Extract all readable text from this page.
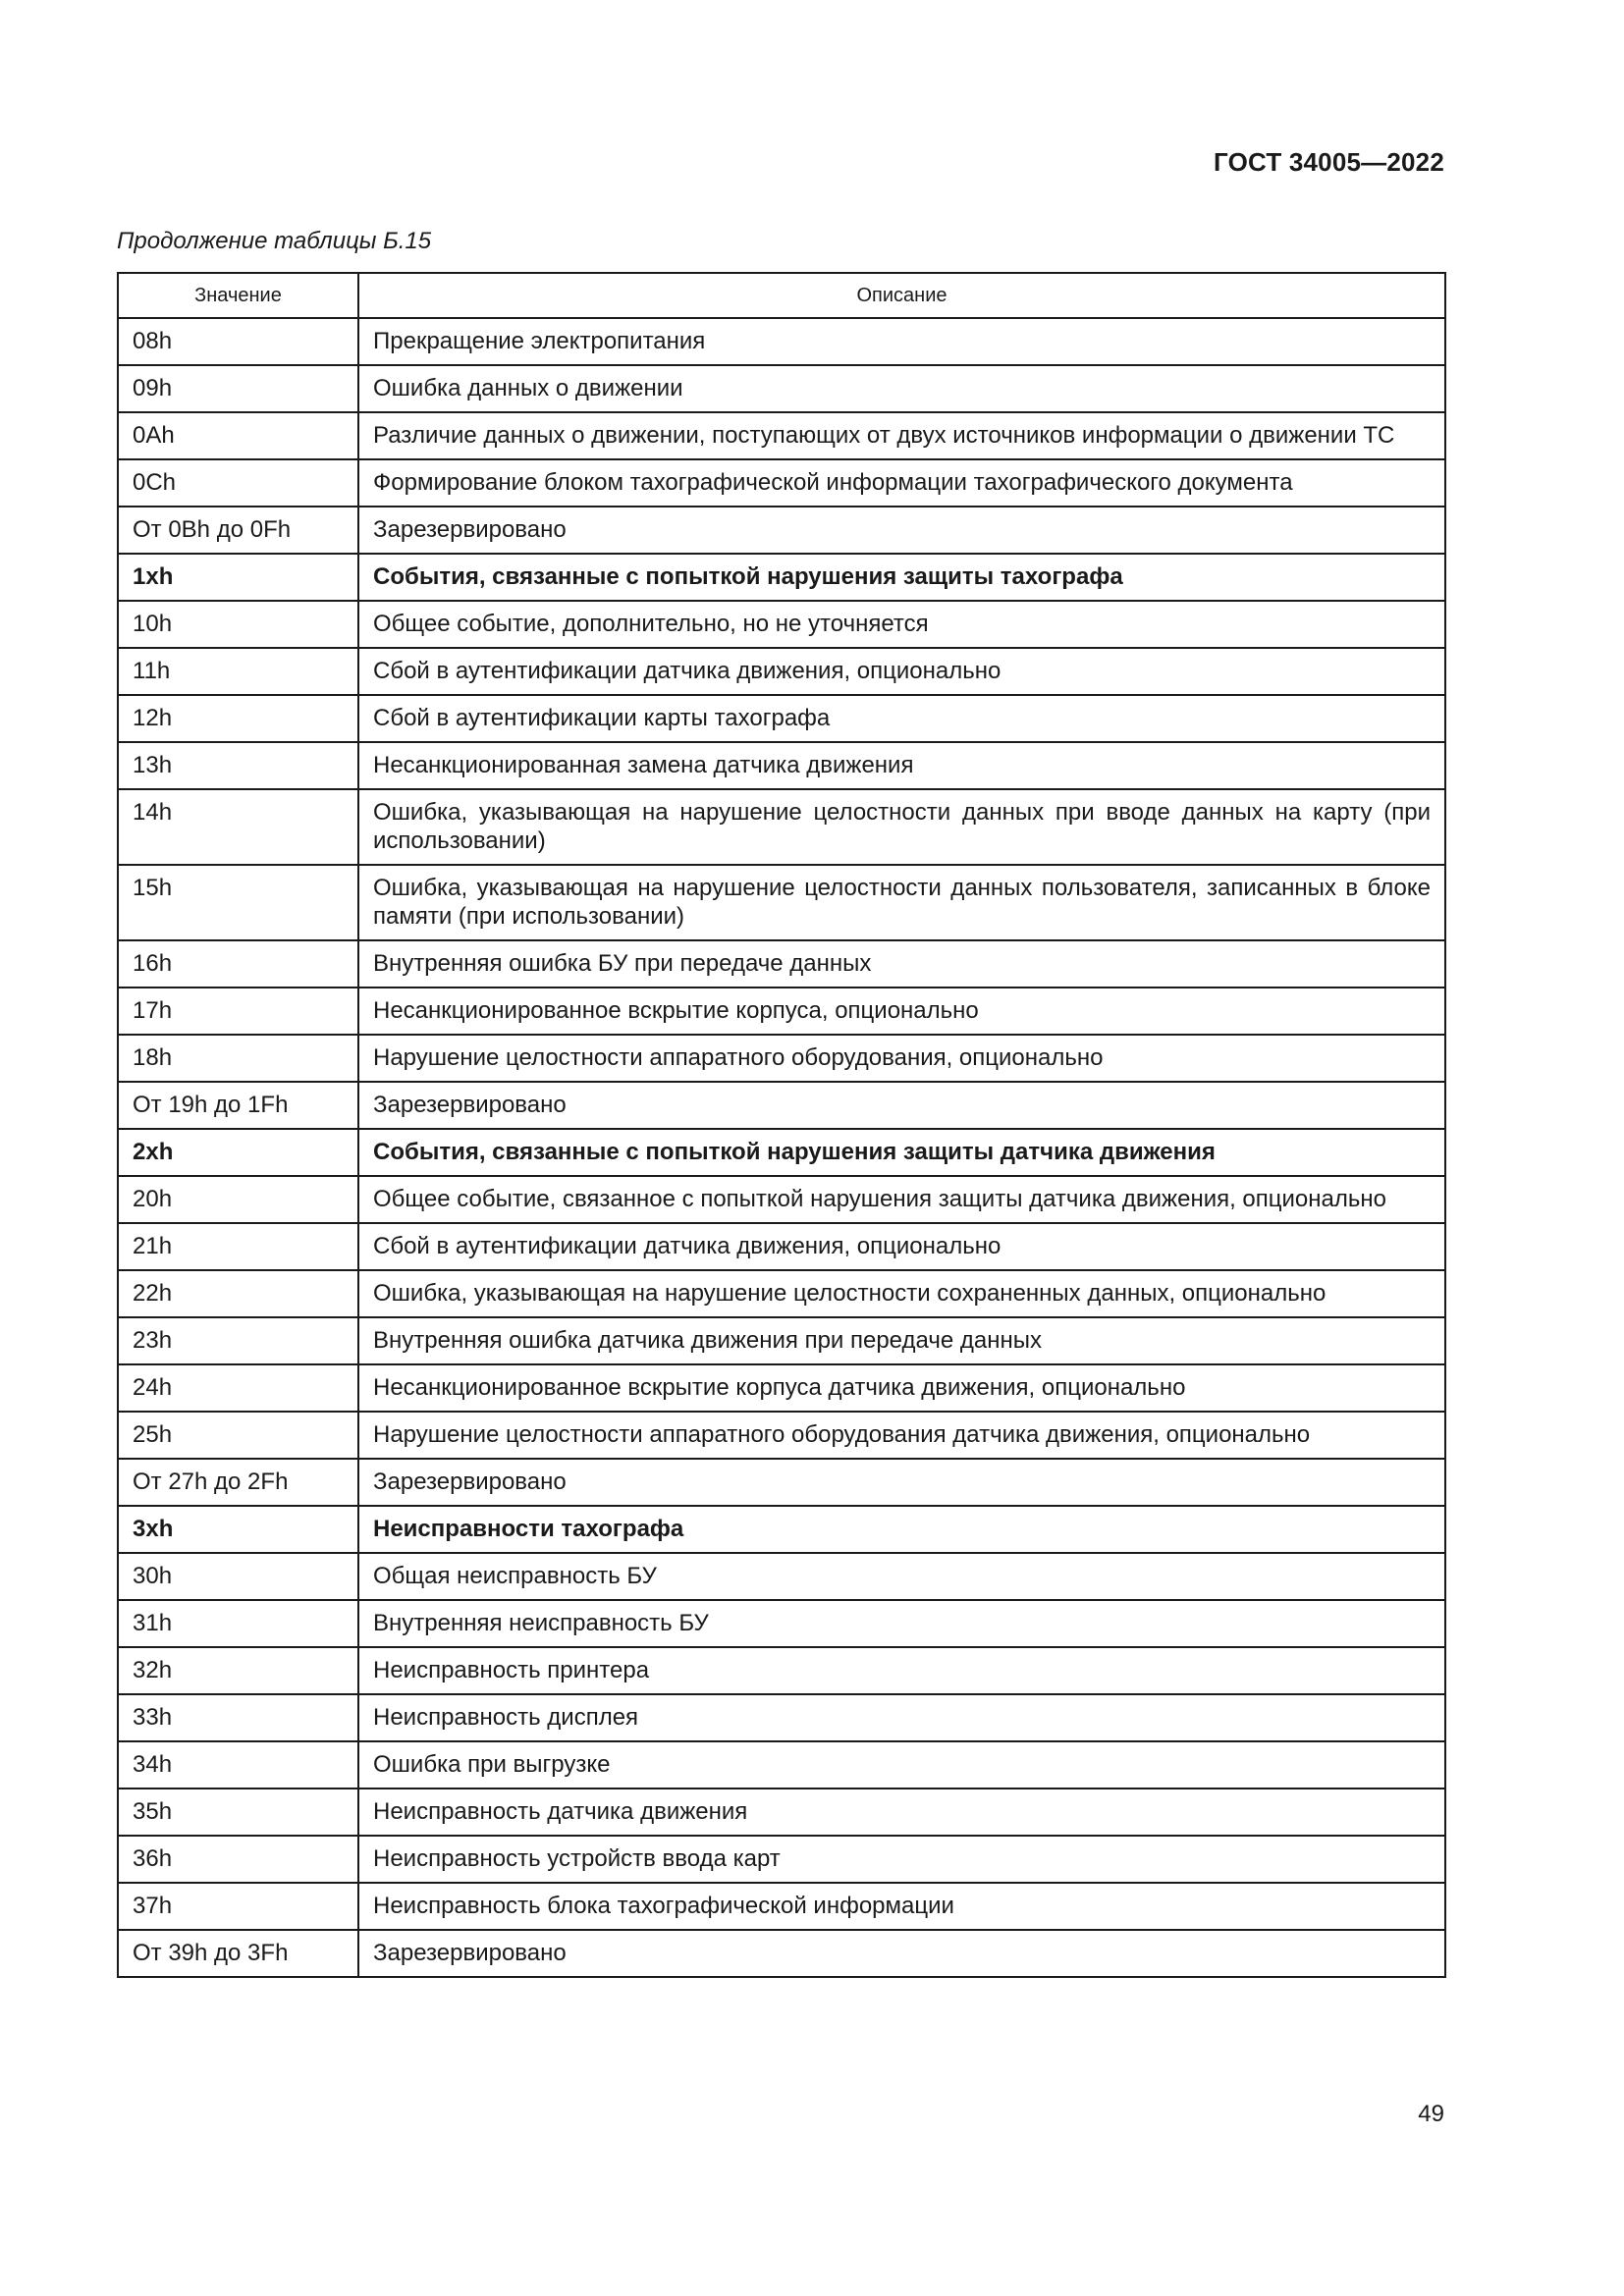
ГОСТ 34005—2022
Продолжение таблицы Б.15
Значение	Описание
08h	Прекращение электропитания
09h	Ошибка данных о движении
0Ah	Различие данных о движении, поступающих от двух источников информации о движении ТС
0Ch	Формирование блоком тахографической информации тахографического документа
От 0Bh до 0Fh	Зарезервировано
1xh	События, связанные с попыткой нарушения защиты тахографа
10h	Общее событие, дополнительно, но не уточняется
11h	Сбой в аутентификации датчика движения, опционально
12h	Сбой в аутентификации карты тахографа
13h	Несанкционированная замена датчика движения
14h	Ошибка, указывающая на нарушение целостности данных при вводе данных на карту (при использовании)
15h	Ошибка, указывающая на нарушение целостности данных пользователя, записанных в блоке памяти (при использовании)
16h	Внутренняя ошибка БУ при передаче данных
17h	Несанкционированное вскрытие корпуса, опционально
18h	Нарушение целостности аппаратного оборудования, опционально
От 19h до 1Fh	Зарезервировано
2xh	События, связанные с попыткой нарушения защиты датчика движения
20h	Общее событие, связанное с попыткой нарушения защиты датчика движения, опционально
21h	Сбой в аутентификации датчика движения, опционально
22h	Ошибка, указывающая на нарушение целостности сохраненных данных, опционально
23h	Внутренняя ошибка датчика движения при передаче данных
24h	Несанкционированное вскрытие корпуса датчика движения, опционально
25h	Нарушение целостности аппаратного оборудования датчика движения, опционально
От 27h до 2Fh	Зарезервировано
3xh	Неисправности тахографа
30h	Общая неисправность БУ
31h	Внутренняя неисправность БУ
32h	Неисправность принтера
33h	Неисправность дисплея
34h	Ошибка при выгрузке
35h	Неисправность датчика движения
36h	Неисправность устройств ввода карт
37h	Неисправность блока тахографической информации
От 39h до 3Fh	Зарезервировано
49
